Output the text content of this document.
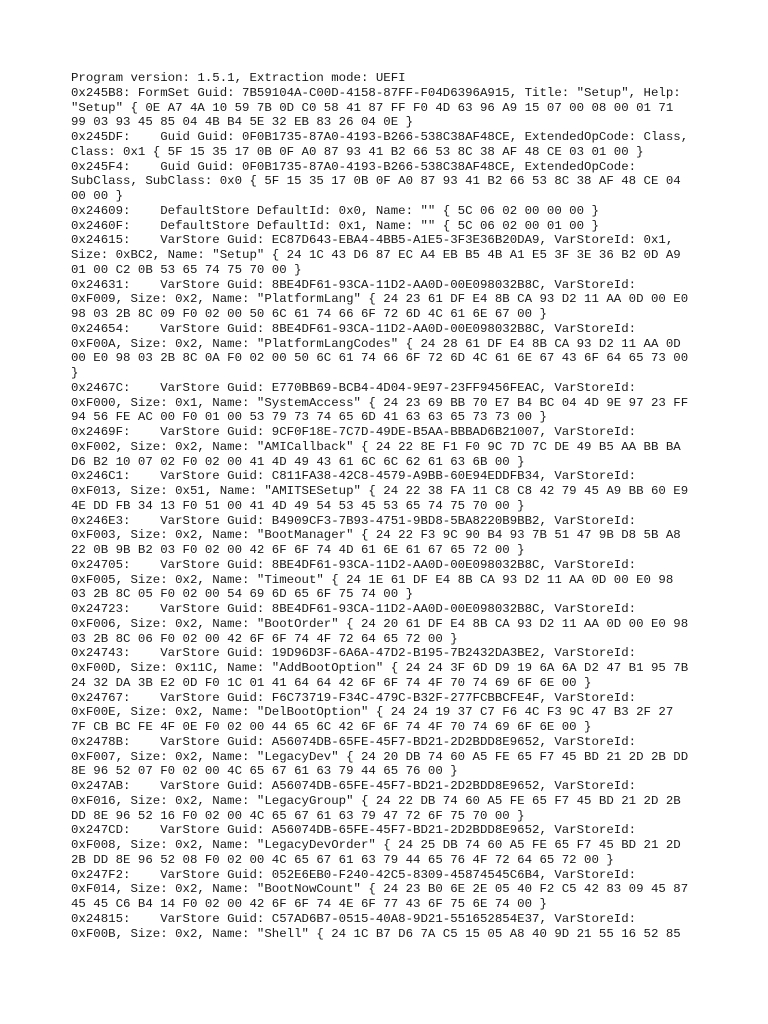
Program version: 1.5.1, Extraction mode: UEFI
0x245B8: FormSet Guid: 7B59104A-C00D-4158-87FF-F04D6396A915, Title: "Setup", Help:
"Setup" { 0E A7 4A 10 59 7B 0D C0 58 41 87 FF F0 4D 63 96 A9 15 07 00 08 00 01 71
99 03 93 45 85 04 4B B4 5E 32 EB 83 26 04 0E }
0x245DF:    Guid Guid: 0F0B1735-87A0-4193-B266-538C38AF48CE, ExtendedOpCode: Class,
Class: 0x1 { 5F 15 35 17 0B 0F A0 87 93 41 B2 66 53 8C 38 AF 48 CE 03 01 00 }
0x245F4:    Guid Guid: 0F0B1735-87A0-4193-B266-538C38AF48CE, ExtendedOpCode:
SubClass, SubClass: 0x0 { 5F 15 35 17 0B 0F A0 87 93 41 B2 66 53 8C 38 AF 48 CE 04
00 00 }
0x24609:    DefaultStore DefaultId: 0x0, Name: "" { 5C 06 02 00 00 00 }
0x2460F:    DefaultStore DefaultId: 0x1, Name: "" { 5C 06 02 00 01 00 }
0x24615:    VarStore Guid: EC87D643-EBA4-4BB5-A1E5-3F3E36B20DA9, VarStoreId: 0x1,
Size: 0xBC2, Name: "Setup" { 24 1C 43 D6 87 EC A4 EB B5 4B A1 E5 3F 3E 36 B2 0D A9
01 00 C2 0B 53 65 74 75 70 00 }
0x24631:    VarStore Guid: 8BE4DF61-93CA-11D2-AA0D-00E098032B8C, VarStoreId:
0xF009, Size: 0x2, Name: "PlatformLang" { 24 23 61 DF E4 8B CA 93 D2 11 AA 0D 00 E0
98 03 2B 8C 09 F0 02 00 50 6C 61 74 66 6F 72 6D 4C 61 6E 67 00 }
0x24654:    VarStore Guid: 8BE4DF61-93CA-11D2-AA0D-00E098032B8C, VarStoreId:
0xF00A, Size: 0x2, Name: "PlatformLangCodes" { 24 28 61 DF E4 8B CA 93 D2 11 AA 0D
00 E0 98 03 2B 8C 0A F0 02 00 50 6C 61 74 66 6F 72 6D 4C 61 6E 67 43 6F 64 65 73 00
}
0x2467C:    VarStore Guid: E770BB69-BCB4-4D04-9E97-23FF9456FEAC, VarStoreId:
0xF000, Size: 0x1, Name: "SystemAccess" { 24 23 69 BB 70 E7 B4 BC 04 4D 9E 97 23 FF
94 56 FE AC 00 F0 01 00 53 79 73 74 65 6D 41 63 63 65 73 73 00 }
0x2469F:    VarStore Guid: 9CF0F18E-7C7D-49DE-B5AA-BBBAD6B21007, VarStoreId:
0xF002, Size: 0x2, Name: "AMICallback" { 24 22 8E F1 F0 9C 7D 7C DE 49 B5 AA BB BA
D6 B2 10 07 02 F0 02 00 41 4D 49 43 61 6C 6C 62 61 63 6B 00 }
0x246C1:    VarStore Guid: C811FA38-42C8-4579-A9BB-60E94EDDFB34, VarStoreId:
0xF013, Size: 0x51, Name: "AMITSESetup" { 24 22 38 FA 11 C8 C8 42 79 45 A9 BB 60 E9
4E DD FB 34 13 F0 51 00 41 4D 49 54 53 45 53 65 74 75 70 00 }
0x246E3:    VarStore Guid: B4909CF3-7B93-4751-9BD8-5BA8220B9BB2, VarStoreId:
0xF003, Size: 0x2, Name: "BootManager" { 24 22 F3 9C 90 B4 93 7B 51 47 9B D8 5B A8
22 0B 9B B2 03 F0 02 00 42 6F 6F 74 4D 61 6E 61 67 65 72 00 }
0x24705:    VarStore Guid: 8BE4DF61-93CA-11D2-AA0D-00E098032B8C, VarStoreId:
0xF005, Size: 0x2, Name: "Timeout" { 24 1E 61 DF E4 8B CA 93 D2 11 AA 0D 00 E0 98
03 2B 8C 05 F0 02 00 54 69 6D 65 6F 75 74 00 }
0x24723:    VarStore Guid: 8BE4DF61-93CA-11D2-AA0D-00E098032B8C, VarStoreId:
0xF006, Size: 0x2, Name: "BootOrder" { 24 20 61 DF E4 8B CA 93 D2 11 AA 0D 00 E0 98
03 2B 8C 06 F0 02 00 42 6F 6F 74 4F 72 64 65 72 00 }
0x24743:    VarStore Guid: 19D96D3F-6A6A-47D2-B195-7B2432DA3BE2, VarStoreId:
0xF00D, Size: 0x11C, Name: "AddBootOption" { 24 24 3F 6D D9 19 6A 6A D2 47 B1 95 7B
24 32 DA 3B E2 0D F0 1C 01 41 64 64 42 6F 6F 74 4F 70 74 69 6F 6E 00 }
0x24767:    VarStore Guid: F6C73719-F34C-479C-B32F-277FCBBCFE4F, VarStoreId:
0xF00E, Size: 0x2, Name: "DelBootOption" { 24 24 19 37 C7 F6 4C F3 9C 47 B3 2F 27
7F CB BC FE 4F 0E F0 02 00 44 65 6C 42 6F 6F 74 4F 70 74 69 6F 6E 00 }
0x2478B:    VarStore Guid: A56074DB-65FE-45F7-BD21-2D2BDD8E9652, VarStoreId:
0xF007, Size: 0x2, Name: "LegacyDev" { 24 20 DB 74 60 A5 FE 65 F7 45 BD 21 2D 2B DD
8E 96 52 07 F0 02 00 4C 65 67 61 63 79 44 65 76 00 }
0x247AB:    VarStore Guid: A56074DB-65FE-45F7-BD21-2D2BDD8E9652, VarStoreId:
0xF016, Size: 0x2, Name: "LegacyGroup" { 24 22 DB 74 60 A5 FE 65 F7 45 BD 21 2D 2B
DD 8E 96 52 16 F0 02 00 4C 65 67 61 63 79 47 72 6F 75 70 00 }
0x247CD:    VarStore Guid: A56074DB-65FE-45F7-BD21-2D2BDD8E9652, VarStoreId:
0xF008, Size: 0x2, Name: "LegacyDevOrder" { 24 25 DB 74 60 A5 FE 65 F7 45 BD 21 2D
2B DD 8E 96 52 08 F0 02 00 4C 65 67 61 63 79 44 65 76 4F 72 64 65 72 00 }
0x247F2:    VarStore Guid: 052E6EB0-F240-42C5-8309-45874545C6B4, VarStoreId:
0xF014, Size: 0x2, Name: "BootNowCount" { 24 23 B0 6E 2E 05 40 F2 C5 42 83 09 45 87
45 45 C6 B4 14 F0 02 00 42 6F 6F 74 4E 6F 77 43 6F 75 6E 74 00 }
0x24815:    VarStore Guid: C57AD6B7-0515-40A8-9D21-551652854E37, VarStoreId:
0xF00B, Size: 0x2, Name: "Shell" { 24 1C B7 D6 7A C5 15 05 A8 40 9D 21 55 16 52 85
